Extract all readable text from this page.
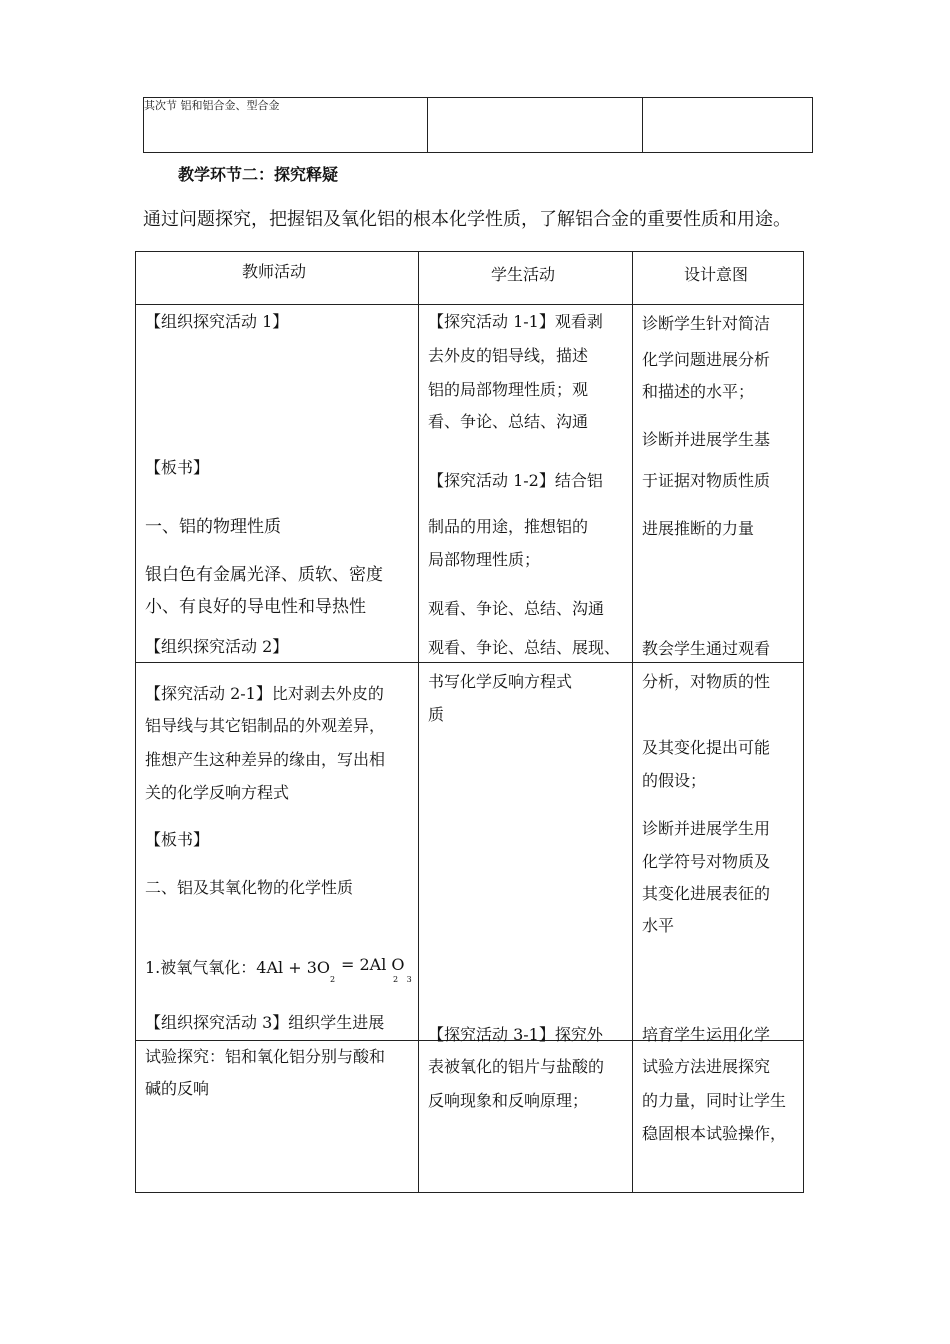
其次节 铝和铝合金、型合金
教学环节二：探究释疑
通过问题探究，把握铝及氧化铝的根本化学性质，了解铝合金的重要性质和用途。
教师活动	学生活动	设计意图
【组织探究活动 1】
【板书】
一、铝的物理性质
银白色有金属光泽、质软、密度
小、有良好的导电性和导热性
【组织探究活动 2】
【探究活动 2-1】比对剥去外皮的
铝导线与其它铝制品的外观差异，
推想产生这种差异的缘由，写出相
关的化学反响方程式
【板书】
二、铝及其氧化物的化学性质
1.被氧气氧化：4Al + 3O
2
= 2Al O
2 3
【组织探究活动 3】组织学生进展
试验探究：铝和氧化铝分别与酸和
碱的反响
【探究活动 1-1】观看剥
去外皮的铝导线，描述
铝的局部物理性质；观
看、争论、总结、沟通
【探究活动 1-2】结合铝
制品的用途，推想铝的
局部物理性质；
观看、争论、总结、沟通
观看、争论、总结、展现、
书写化学反响方程式
质
【探究活动 3-1】探究外
表被氧化的铝片与盐酸的
反响现象和反响原理；
诊断学生针对简洁
化学问题进展分析
和描述的水平；
诊断并进展学生基
于证据对物质性质
进展推断的力量
教会学生通过观看
分析，对物质的性
及其变化提出可能
的假设；
诊断并进展学生用
化学符号对物质及
其变化进展表征的
水平
培育学生运用化学
试验方法进展探究
的力量，同时让学生
稳固根本试验操作，
